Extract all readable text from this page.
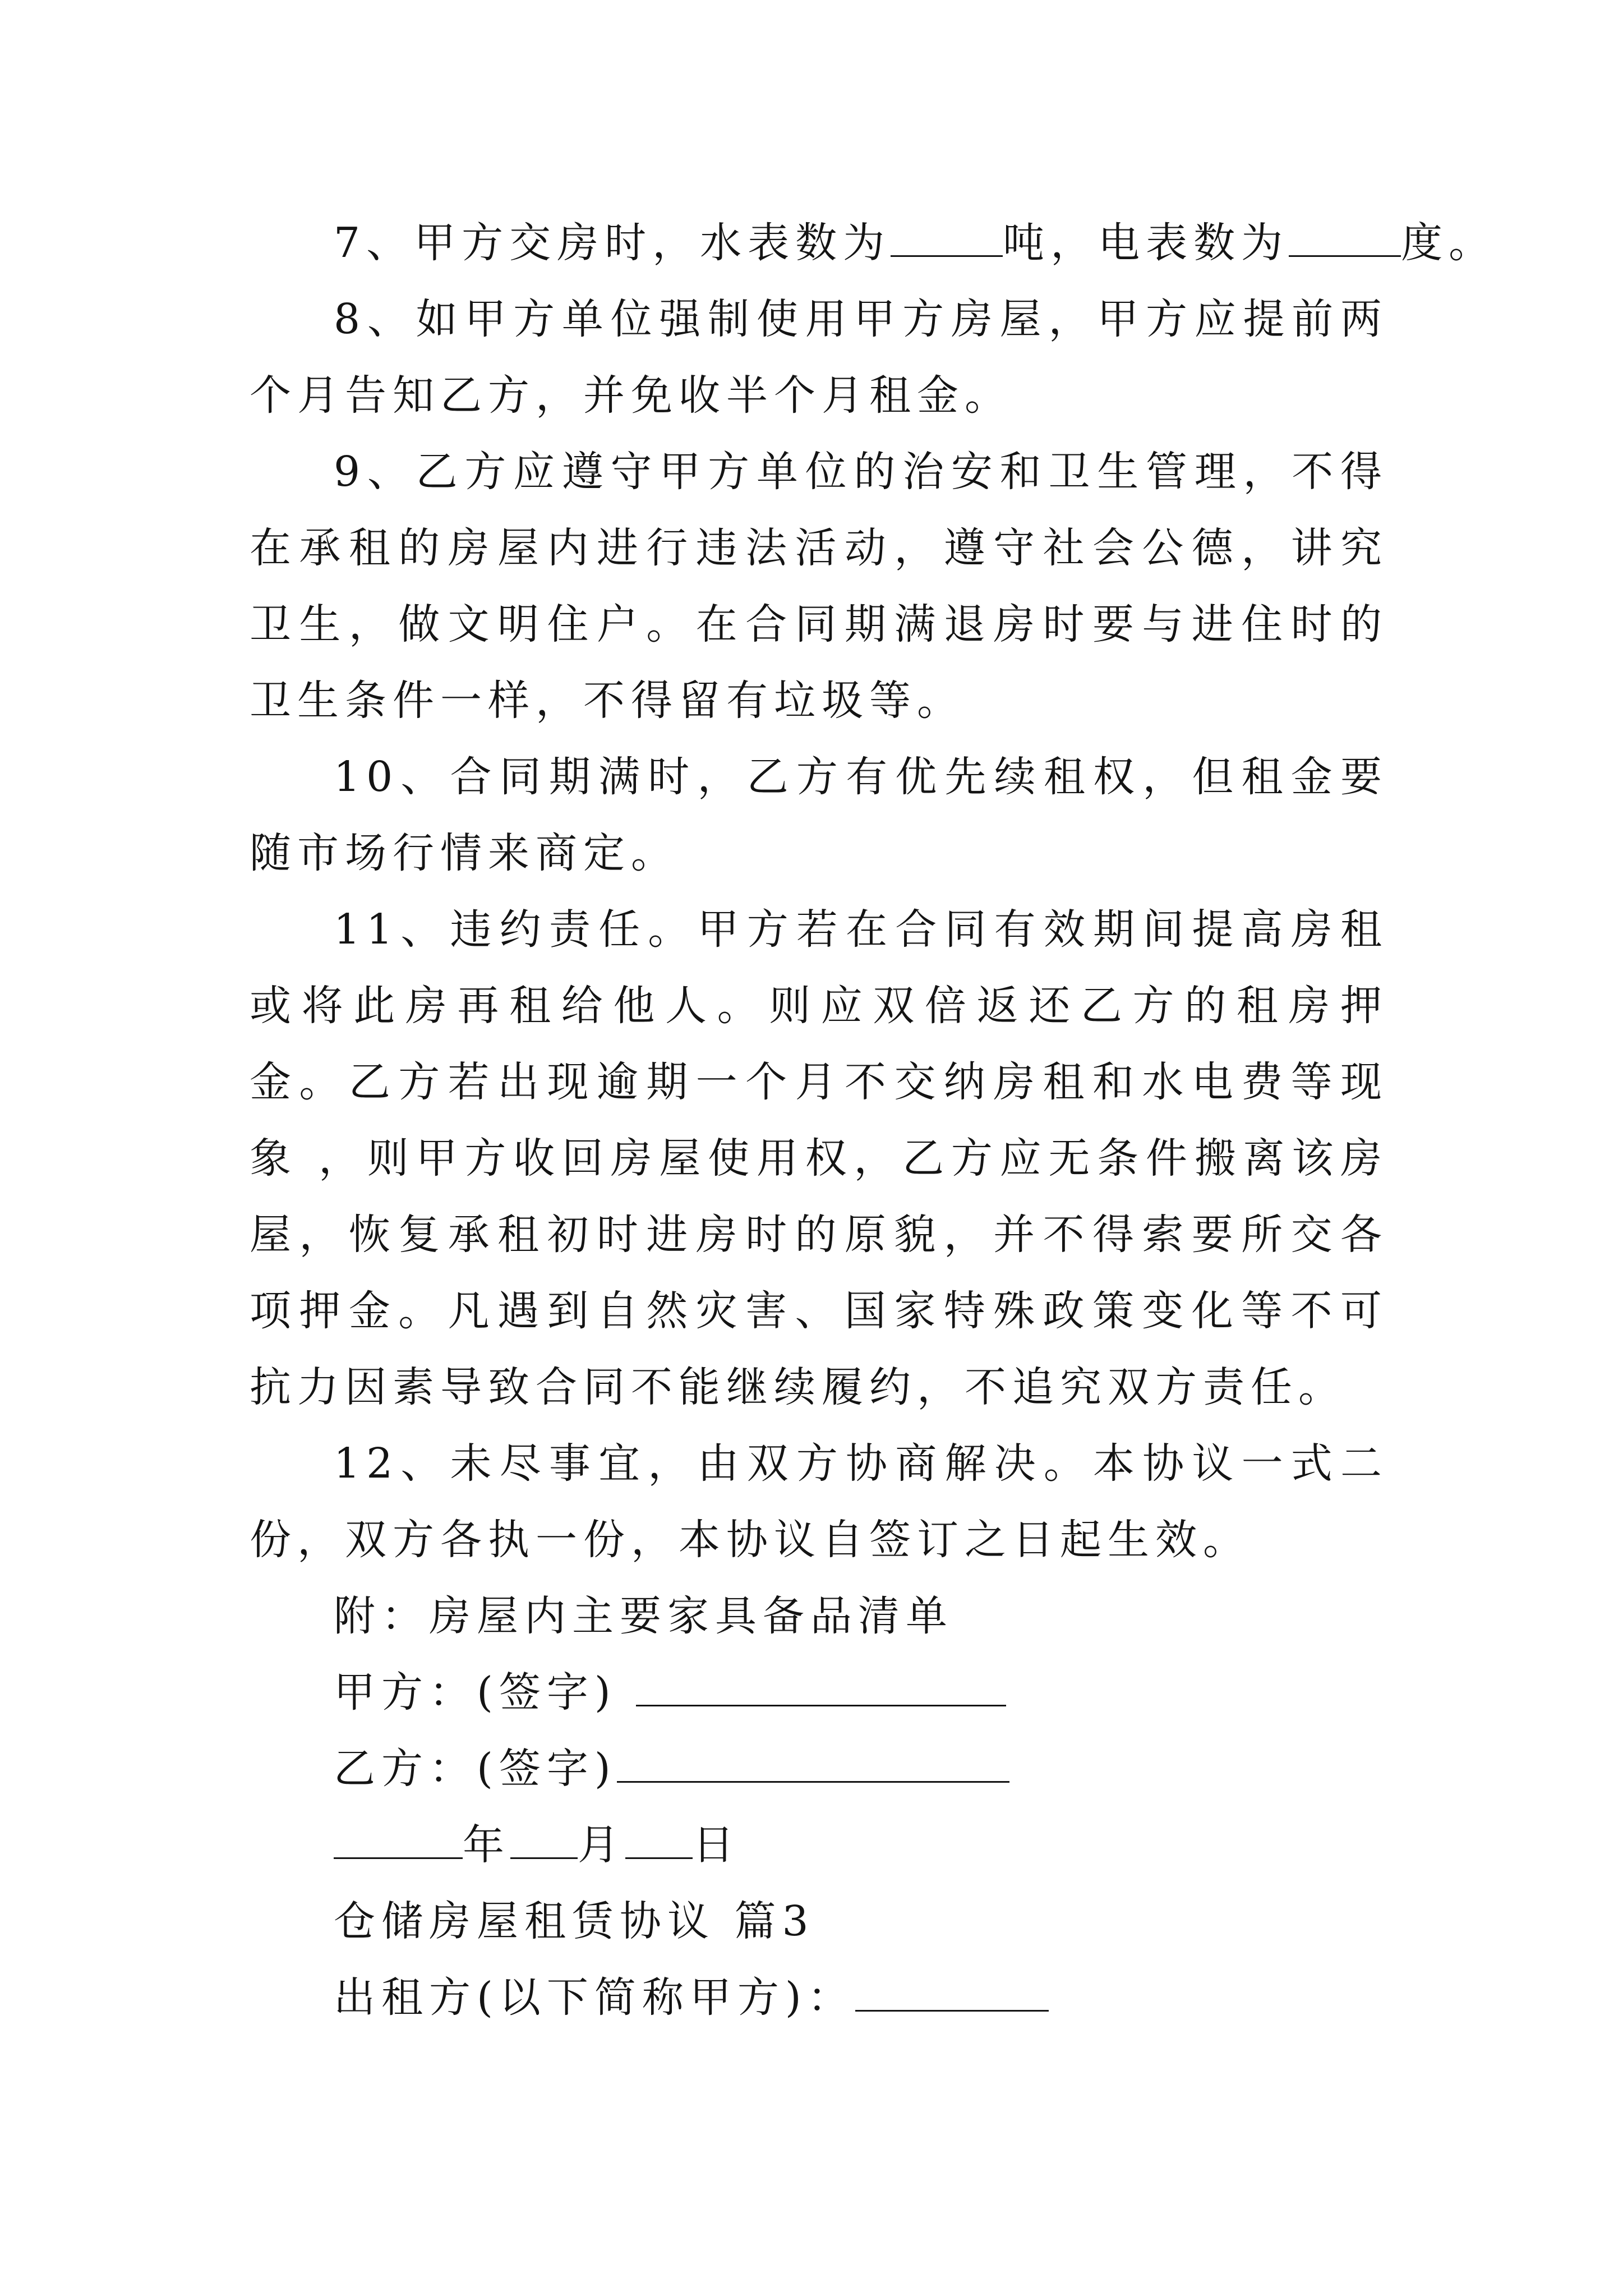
7、甲方交房时，水表数为	吨，电表数为	度。

8、如甲方单位强制使用甲方房屋，甲方应提前两个月告知乙方，并免收半个月租金。

9、乙方应遵守甲方单位的治安和卫生管理，不得在承租的房屋内进行违法活动，遵守社会公德，讲究卫生，做文明住户。在合同期满退房时要与进住时的卫生条件一样，不得留有垃圾等。

10、合同期满时，乙方有优先续租权，但租金要随市场行情来商定。

11、违约责任。甲方若在合同有效期间提高房租或将此房再租给他人。则应双倍返还乙方的租房押金。乙方若出现逾期一个月不交纳房租和水电费等现象 ，则甲方收回房屋使用权，乙方应无条件搬离该房屋，恢复承租初时进房时的原貌，并不得索要所交各项押金。凡遇到自然灾害、国家特殊政策变化等不可抗力因素导致合同不能继续履约，不追究双方责任。

12、未尽事宜，由双方协商解决。本协议一式二份，双方各执一份，本协议自签订之日起生效。

附：房屋内主要家具备品清单

甲方：(签字)

乙方：(签字)

年 月 日

仓储房屋租赁协议 篇3

出租方(以下简称甲方)：
